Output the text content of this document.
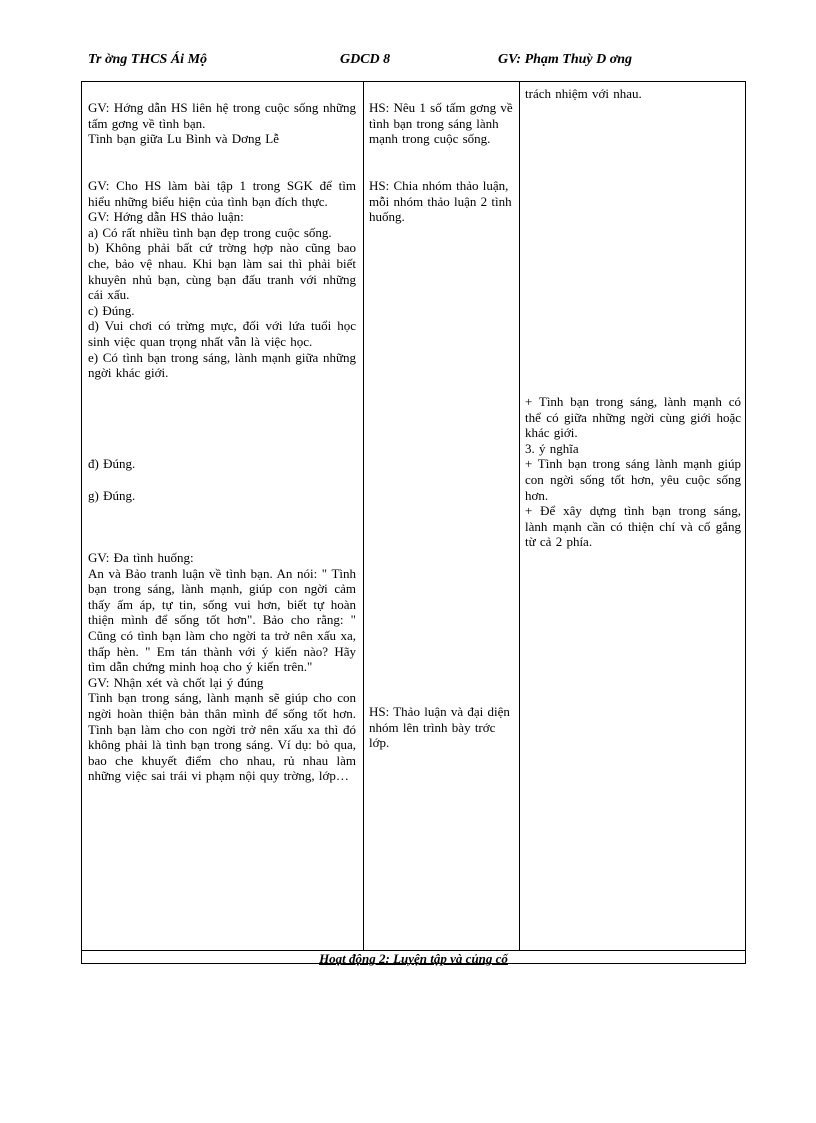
Tr ờng THCS Ái Mộ	GDCD 8	GV: Phạm Thuỳ D ơng
GV: Hớng dẫn HS liên hệ trong cuộc sống những tấm gơng về tình bạn.
Tình bạn giữa Lu Bình và Dơng Lễ
GV: Cho HS làm bài tập 1 trong SGK để tìm hiểu những biểu hiện của tình bạn đích thực.
GV: Hớng dẫn HS thảo luận:
a) Có rất nhiều tình bạn đẹp trong cuộc sống.
b) Không phải bất cứ trờng hợp nào cũng bao che, bảo vệ nhau. Khi bạn làm sai thì phải biết khuyên nhủ bạn, cùng bạn đấu tranh với những cái xấu.
c) Đúng.
d) Vui chơi có trừng mực, đối với lứa tuổi học sinh việc quan trọng nhất vẫn là việc học.
e) Có tình bạn trong sáng, lành mạnh giữa những ngời khác giới.
đ) Đúng.
g) Đúng.
GV: Đa tình huống:
An và Bảo tranh luận về tình bạn. An nói: " Tình bạn trong sáng, lành mạnh, giúp con ngời cảm thấy ấm áp, tự tin, sống vui hơn, biết tự hoàn thiện mình để sống tốt hơn". Bảo cho rằng: " Cũng có tình bạn làm cho ngời ta trở nên xấu xa, thấp hèn. " Em tán thành với ý kiến nào? Hãy tìm dẫn chứng minh hoạ cho ý kiến trên."
GV: Nhận xét và chốt lại ý đúng
Tình bạn trong sáng, lành mạnh sẽ giúp cho con ngời hoàn thiện bản thân mình để sống tốt hơn. Tình bạn làm cho con ngời trở nên xấu xa thì đó không phải là tình bạn trong sáng. Ví dụ: bỏ qua, bao che khuyết điểm cho nhau, rủ nhau làm những việc sai trái vi phạm nội quy trờng, lớp…
HS: Nêu 1 số tấm gơng về tình bạn trong sáng lành mạnh trong cuộc sống.
HS: Chia nhóm thảo luận, mỗi nhóm thảo luận 2 tình huống.
HS: Thảo luận và đại diện nhóm lên trình bày trớc lớp.
trách nhiệm với nhau.
+ Tình bạn trong sáng, lành mạnh có thể có giữa những ngời cùng giới hoặc khác giới.
3. ý nghĩa
+ Tình bạn trong sáng lành mạnh giúp con ngời sống tốt hơn, yêu cuộc sống hơn.
+ Để xây dựng tình bạn trong sáng, lành mạnh cần có thiện chí và cố gắng từ cả 2 phía.
Hoạt động 2: Luyện tập và củng cố
